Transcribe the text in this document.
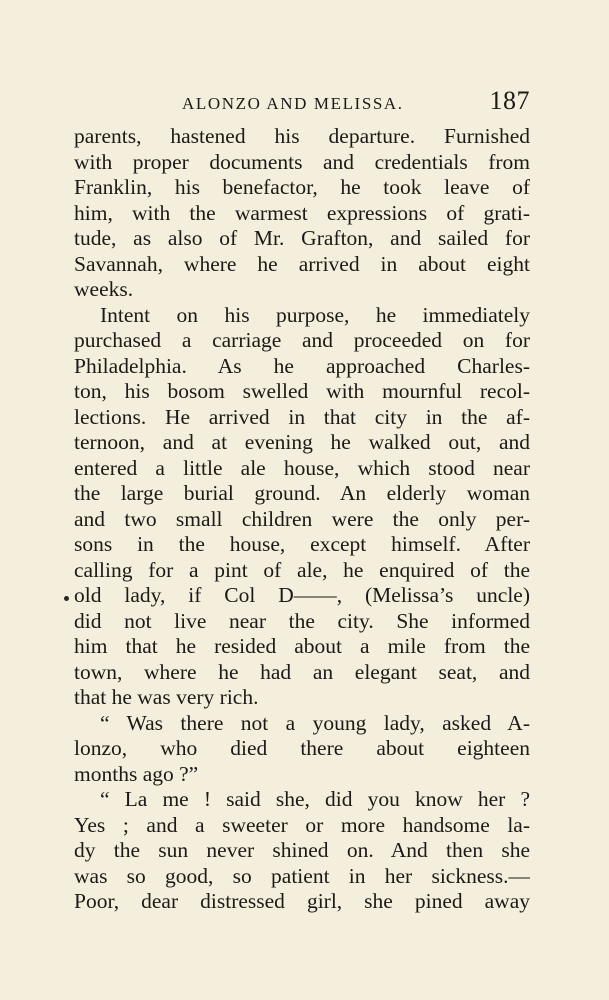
ALONZO AND MELISSA.	187
parents, hastened his departure. Furnished
with proper documents and credentials from
Franklin, his benefactor, he took leave of
him, with the warmest expressions of grati-
tude, as also of Mr. Grafton, and sailed for
Savannah, where he arrived in about eight
weeks.
Intent on his purpose, he immediately
purchased a carriage and proceeded on for
Philadelphia. As he approached Charles-
ton, his bosom swelled with mournful recol-
lections. He arrived in that city in the af-
ternoon, and at evening he walked out, and
entered a little ale house, which stood near
the large burial ground. An elderly woman
and two small children were the only per-
sons in the house, except himself. After
calling for a pint of ale, he enquired of the
old lady, if Col D——, (Melissa’s uncle)
did not live near the city. She informed
him that he resided about a mile from the
town, where he had an elegant seat, and
that he was very rich.
“ Was there not a young lady, asked A-
lonzo, who died there about eighteen
months ago ?”
“ La me ! said she, did you know her ?
Yes ; and a sweeter or more handsome la-
dy the sun never shined on. And then she
was so good, so patient in her sickness.—
Poor, dear distressed girl, she pined away
